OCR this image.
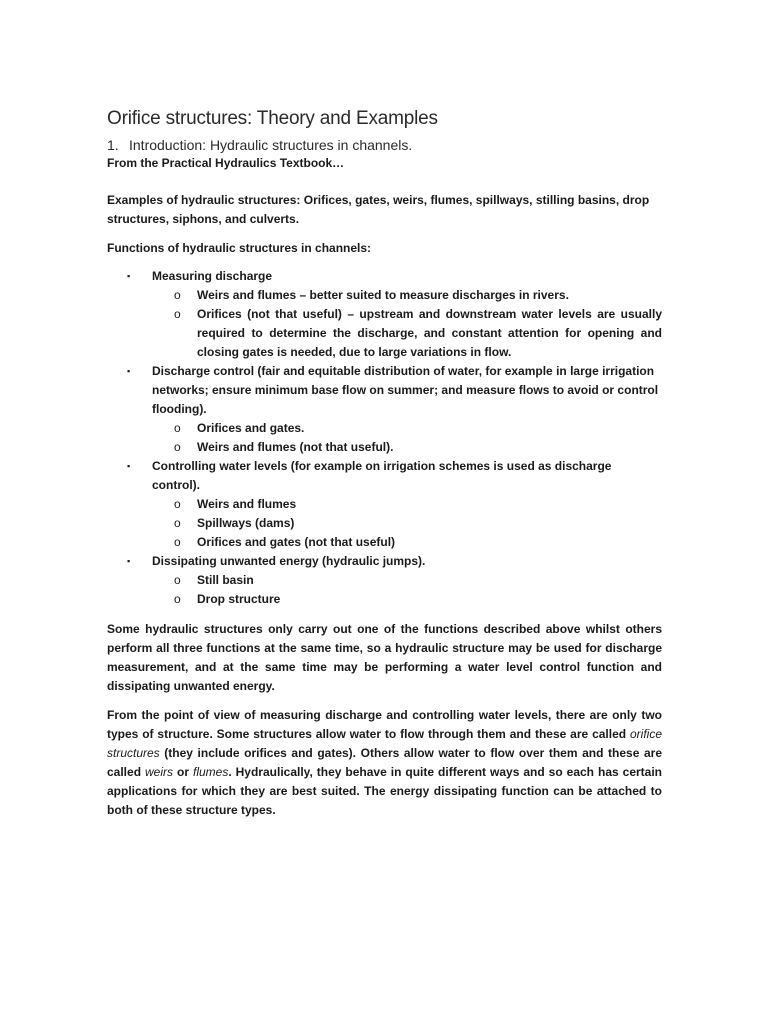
Orifice structures: Theory and Examples
1. Introduction: Hydraulic structures in channels.
From the Practical Hydraulics Textbook…

Examples of hydraulic structures: Orifices, gates, weirs, flumes, spillways, stilling basins, drop structures, siphons, and culverts.

Functions of hydraulic structures in channels:

▪ Measuring discharge
o Weirs and flumes – better suited to measure discharges in rivers.
o Orifices (not that useful) – upstream and downstream water levels are usually required to determine the discharge, and constant attention for opening and closing gates is needed, due to large variations in flow.
▪ Discharge control (fair and equitable distribution of water, for example in large irrigation networks; ensure minimum base flow on summer; and measure flows to avoid or control flooding).
o Orifices and gates.
o Weirs and flumes (not that useful).
▪ Controlling water levels (for example on irrigation schemes is used as discharge control).
o Weirs and flumes
o Spillways (dams)
o Orifices and gates (not that useful)
▪ Dissipating unwanted energy (hydraulic jumps).
o Still basin
o Drop structure

Some hydraulic structures only carry out one of the functions described above whilst others perform all three functions at the same time, so a hydraulic structure may be used for discharge measurement, and at the same time may be performing a water level control function and dissipating unwanted energy.

From the point of view of measuring discharge and controlling water levels, there are only two types of structure. Some structures allow water to flow through them and these are called orifice structures (they include orifices and gates). Others allow water to flow over them and these are called weirs or flumes. Hydraulically, they behave in quite different ways and so each has certain applications for which they are best suited. The energy dissipating function can be attached to both of these structure types.
